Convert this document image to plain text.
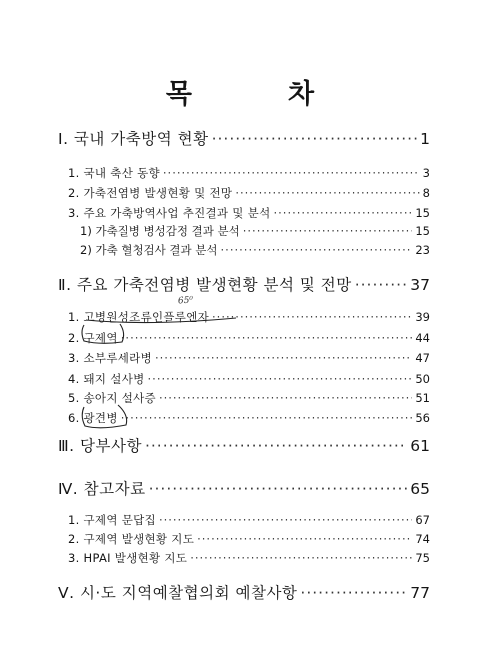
목	차
Ⅰ. 국내 가축방역 현황 ·····	1
1. 국내 축산 동향 ·····	3
2. 가축전염병 발생현황 및 전망 ·····	8
3. 주요 가축방역사업 추진결과 및 분석 ·····	15
1) 가축질병 병성감정 결과 분석 ·····	15
2) 가축 혈청검사 결과 분석 ·····	23
Ⅱ. 주요 가축전염병 발생현황 분석 및 전망 ·····	37
1. 고병원성조류인플루엔자 ·····	39
2. 구제역 ·····	44
3. 소부루세라병 ·····	47
4. 돼지 설사병 ·····	50
5. 송아지 설사증 ·····	51
6. 광견병 ·····	56
Ⅲ. 당부사항 ·····	61
Ⅳ. 참고자료 ·····	65
1. 구제역 문답집 ·····	67
2. 구제역 발생현황 지도 ·····	74
3. HPAI 발생현황 지도 ·····	75
Ⅴ. 시·도 지역예찰협의회 예찰사항 ·····	77
65⁰
